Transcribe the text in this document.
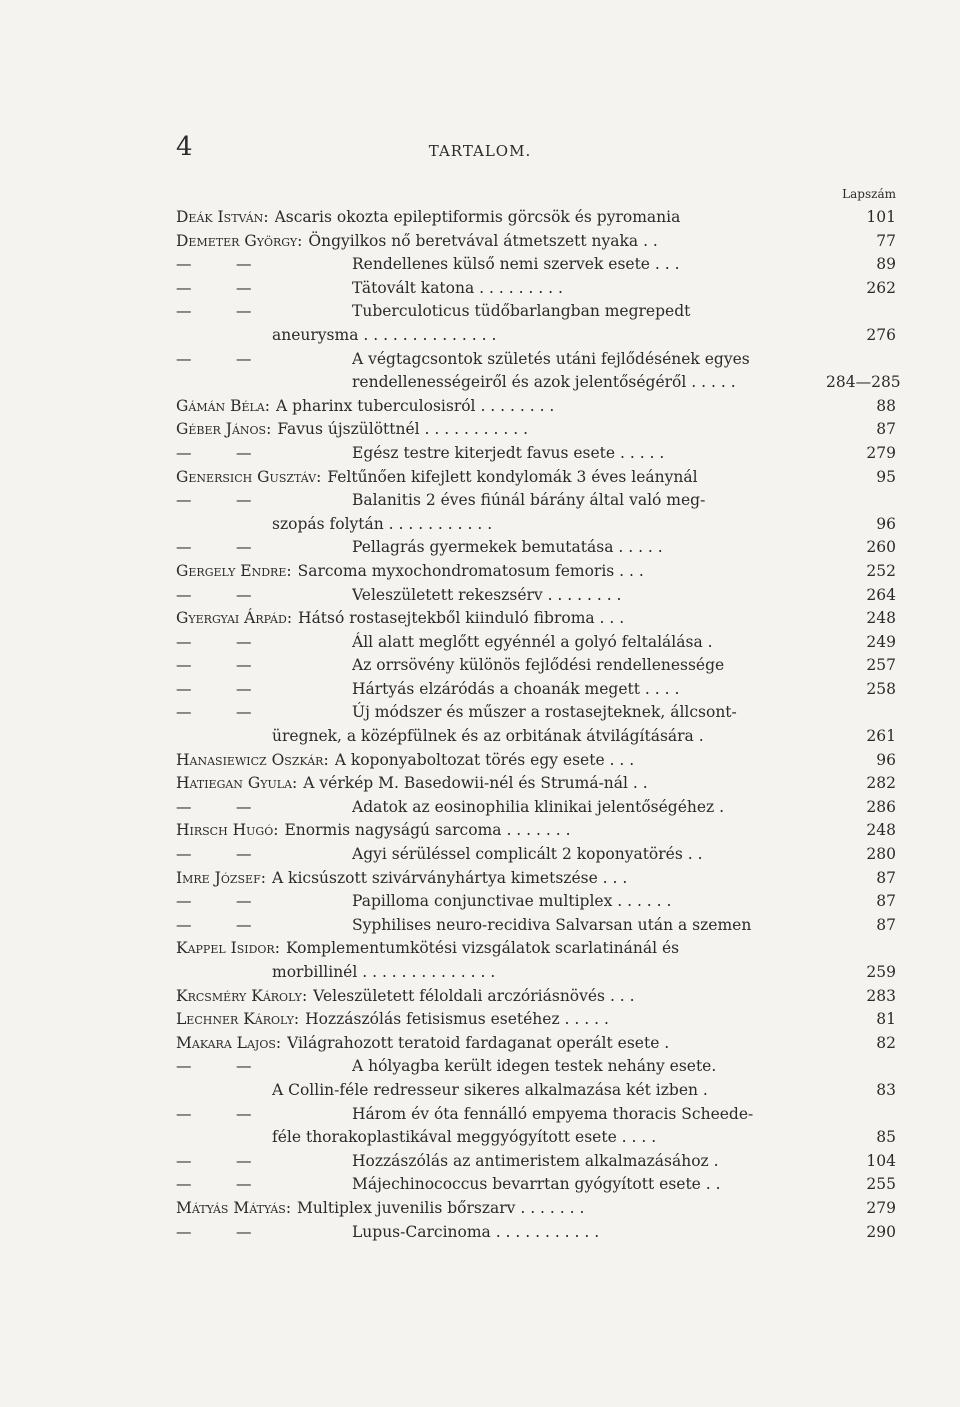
4	TARTALOM.
Lapszám
Deák István : Ascaris okozta epileptiformis görcsök és pyromania	101
Demeter György : Öngyilkos nő beretvával átmetszett nyaka . .	77
—	—	Rendellenes külső nemi szervek esete . . .	89
—	—	Tätovált katona . . . . . . . . .	262
—	—	Tuberculoticus tüdőbarlangban megrepedt
aneurysma . . . . . . . . . . . . . .	276
—	—	A végtagcsontok születés utáni fejlődésének egyes
rendellenességeiről és azok jelentőségéről . . . . .	284—285
Gámán Béla : A pharinx tuberculosisról . . . . . . . .	88
Géber János : Favus újszülöttnél . . . . . . . . . . .	87
—	—	Egész testre kiterjedt favus esete . . . . .	279
Genersich Gusztáv : Feltűnően kifejlett kondylomák 3 éves leánynál	95
—	—	Balanitis 2 éves fiúnál bárány által való meg-
szopás folytán . . . . . . . . . . .	96
—	—	Pellagrás gyermekek bemutatása . . . . .	260
Gergely Endre : Sarcoma myxochondromatosum femoris . . .	252
—	—	Veleszületett rekeszsérv . . . . . . . .	264
Gyergyai Árpád : Hátsó rostasejtekből kiinduló fibroma . . .	248
—	—	Áll alatt meglőtt egyénnél a golyó feltalálása .	249
—	—	Az orrsövény különös fejlődési rendellenessége	257
—	—	Hártyás elzáródás a choanák megett . . . .	258
—	—	Új módszer és műszer a rostasejteknek, állcsont-
üregnek, a középfülnek és az orbitának átvilágítására .	261
Hanasiewicz Oszkár : A koponyaboltozat törés egy esete . . .	96
Hatiegan Gyula : A vérkép M. Basedowii-nél és Strumá-nál . .	282
—	—	Adatok az eosinophilia klinikai jelentőségéhez .	286
Hirsch Hugó : Enormis nagyságú sarcoma . . . . . . .	248
—	—	Agyi sérüléssel complicált 2 koponyatörés . .	280
Imre József : A kicsúszott szivárványhártya kimetszése . . .	87
—	—	Papilloma conjunctivae multiplex . . . . . .	87
—	—	Syphilises neuro-recidiva Salvarsan után a szemen	87
Kappel Isidor : Komplementumkötési vizsgálatok scarlatinánál és
morbillinél . . . . . . . . . . . . . .	259
Krcsméry Károly : Veleszületett féloldali arczóriásnövés . . .	283
Lechner Károly : Hozzászólás fetisismus esetéhez . . . . .	81
Makara Lajos : Világrahozott teratoid fardaganat operált esete .	82
—	—	A hólyagba került idegen testek nehány esete.
A Collin-féle redresseur sikeres alkalmazása két izben .	83
—	—	Három év óta fennálló empyema thoracis Scheede-
féle thorakoplastikával meggyógyított esete . . . .	85
—	—	Hozzászólás az antimeristem alkalmazásához .	104
—	—	Májechinococcus bevarrtan gyógyított esete . .	255
Mátyás Mátyás : Multiplex juvenilis bőrszarv . . . . . . .	279
—	—	Lupus-Carcinoma . . . . . . . . . . .	290
